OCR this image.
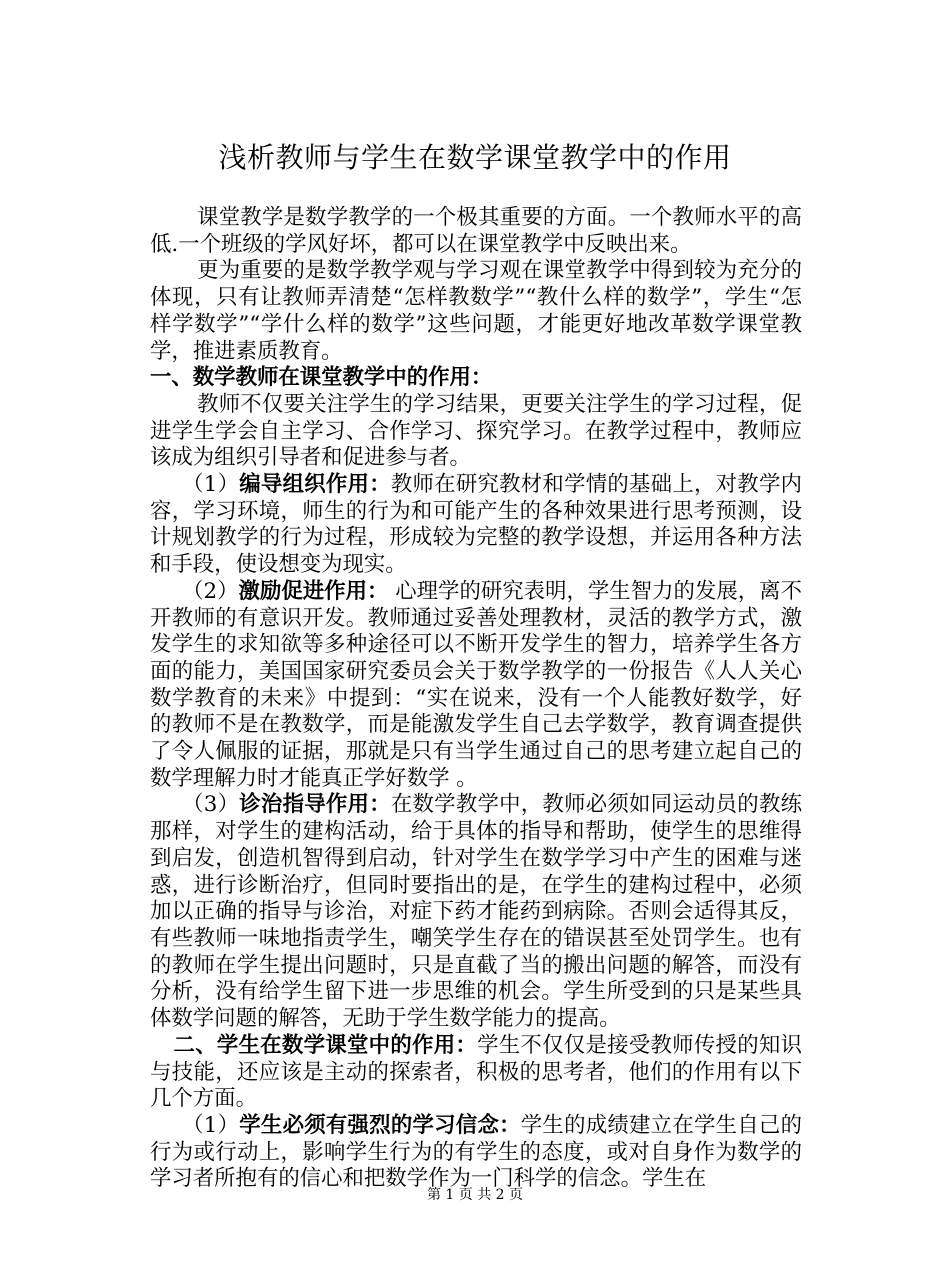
浅析教师与学生在数学课堂教学中的作用

课堂教学是数学教学的一个极其重要的方面。一个教师水平的高低.一个班级的学风好坏，都可以在课堂教学中反映出来。

更为重要的是数学教学观与学习观在课堂教学中得到较为充分的体现，只有让教师弄清楚“怎样教数学”“教什么样的数学”，学生“怎样学数学”“学什么样的数学”这些问题，才能更好地改革数学课堂教学，推进素质教育。

一、数学教师在课堂教学中的作用：

教师不仅要关注学生的学习结果，更要关注学生的学习过程，促进学生学会自主学习、合作学习、探究学习。在教学过程中，教师应该成为组织引导者和促进参与者。

（1）编导组织作用：教师在研究教材和学情的基础上，对教学内容，学习环境，师生的行为和可能产生的各种效果进行思考预测，设计规划教学的行为过程，形成较为完整的教学设想，并运用各种方法和手段，使设想变为现实。

（2）激励促进作用： 心理学的研究表明，学生智力的发展，离不开教师的有意识开发。教师通过妥善处理教材，灵活的教学方式，激发学生的求知欲等多种途径可以不断开发学生的智力，培养学生各方面的能力，美国国家研究委员会关于数学教学的一份报告《人人关心数学教育的未来》中提到：“实在说来，没有一个人能教好数学，好的教师不是在教数学，而是能激发学生自己去学数学，教育调查提供了令人佩服的证据，那就是只有当学生通过自己的思考建立起自己的数学理解力时才能真正学好数学 。

（3）诊治指导作用：在数学教学中，教师必须如同运动员的教练那样，对学生的建构活动，给于具体的指导和帮助，使学生的思维得到启发，创造机智得到启动，针对学生在数学学习中产生的困难与迷惑，进行诊断治疗，但同时要指出的是，在学生的建构过程中，必须加以正确的指导与诊治，对症下药才能药到病除。否则会适得其反，有些教师一味地指责学生，嘲笑学生存在的错误甚至处罚学生。也有的教师在学生提出问题时，只是直截了当的搬出问题的解答，而没有分析，没有给学生留下进一步思维的机会。学生所受到的只是某些具体数学问题的解答，无助于学生数学能力的提高。

二、学生在数学课堂中的作用：学生不仅仅是接受教师传授的知识与技能，还应该是主动的探索者，积极的思考者，他们的作用有以下几个方面。

（1）学生必须有强烈的学习信念：学生的成绩建立在学生自己的行为或行动上，影响学生行为的有学生的态度，或对自身作为数学的学习者所抱有的信心和把数学作为一门科学的信念。学生在

第 1 页 共 2 页
